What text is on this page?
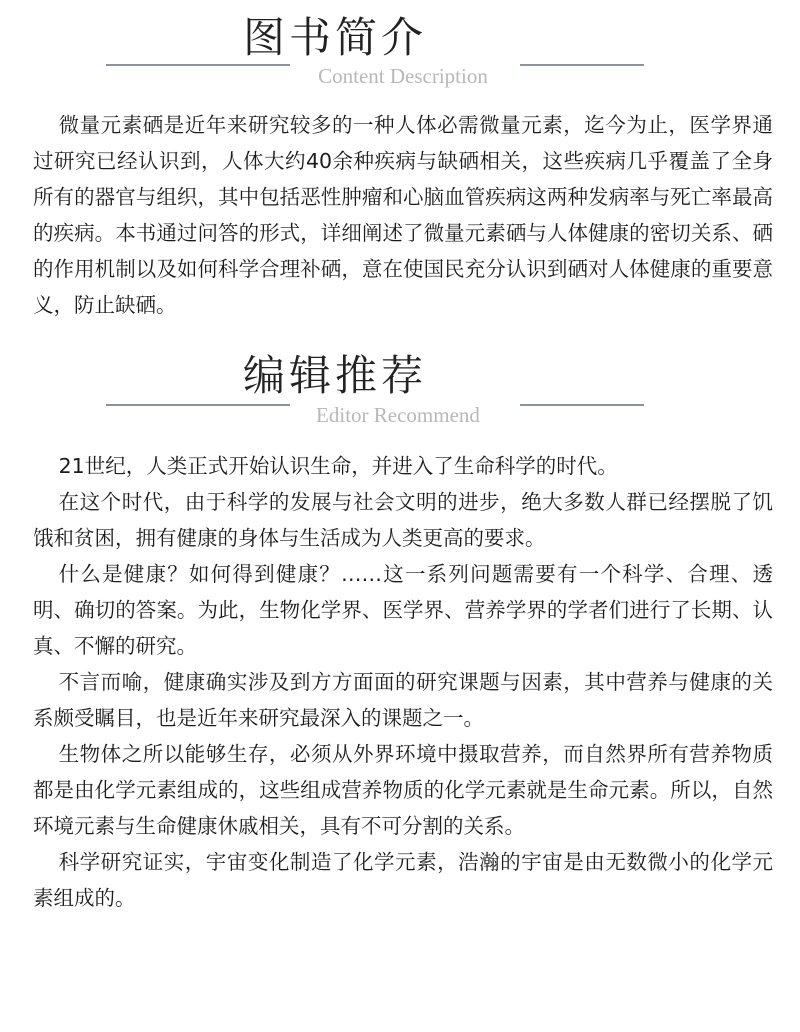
图书简介
Content Description

微量元素硒是近年来研究较多的一种人体必需微量元素，迄今为止，医学界通过研究已经认识到，人体大约40余种疾病与缺硒相关，这些疾病几乎覆盖了全身所有的器官与组织，其中包括恶性肿瘤和心脑血管疾病这两种发病率与死亡率最高的疾病。本书通过问答的形式，详细阐述了微量元素硒与人体健康的密切关系、硒的作用机制以及如何科学合理补硒，意在使国民充分认识到硒对人体健康的重要意义，防止缺硒。

编辑推荐
Editor Recommend

21世纪，人类正式开始认识生命，并进入了生命科学的时代。

在这个时代，由于科学的发展与社会文明的进步，绝大多数人群已经摆脱了饥饿和贫困，拥有健康的身体与生活成为人类更高的要求。

什么是健康？如何得到健康？……这一系列问题需要有一个科学、合理、透明、确切的答案。为此，生物化学界、医学界、营养学界的学者们进行了长期、认真、不懈的研究。

不言而喻，健康确实涉及到方方面面的研究课题与因素，其中营养与健康的关系颇受瞩目，也是近年来研究最深入的课题之一。

生物体之所以能够生存，必须从外界环境中摄取营养，而自然界所有营养物质都是由化学元素组成的，这些组成营养物质的化学元素就是生命元素。所以，自然环境元素与生命健康休戚相关，具有不可分割的关系。

科学研究证实，宇宙变化制造了化学元素，浩瀚的宇宙是由无数微小的化学元素组成的。
